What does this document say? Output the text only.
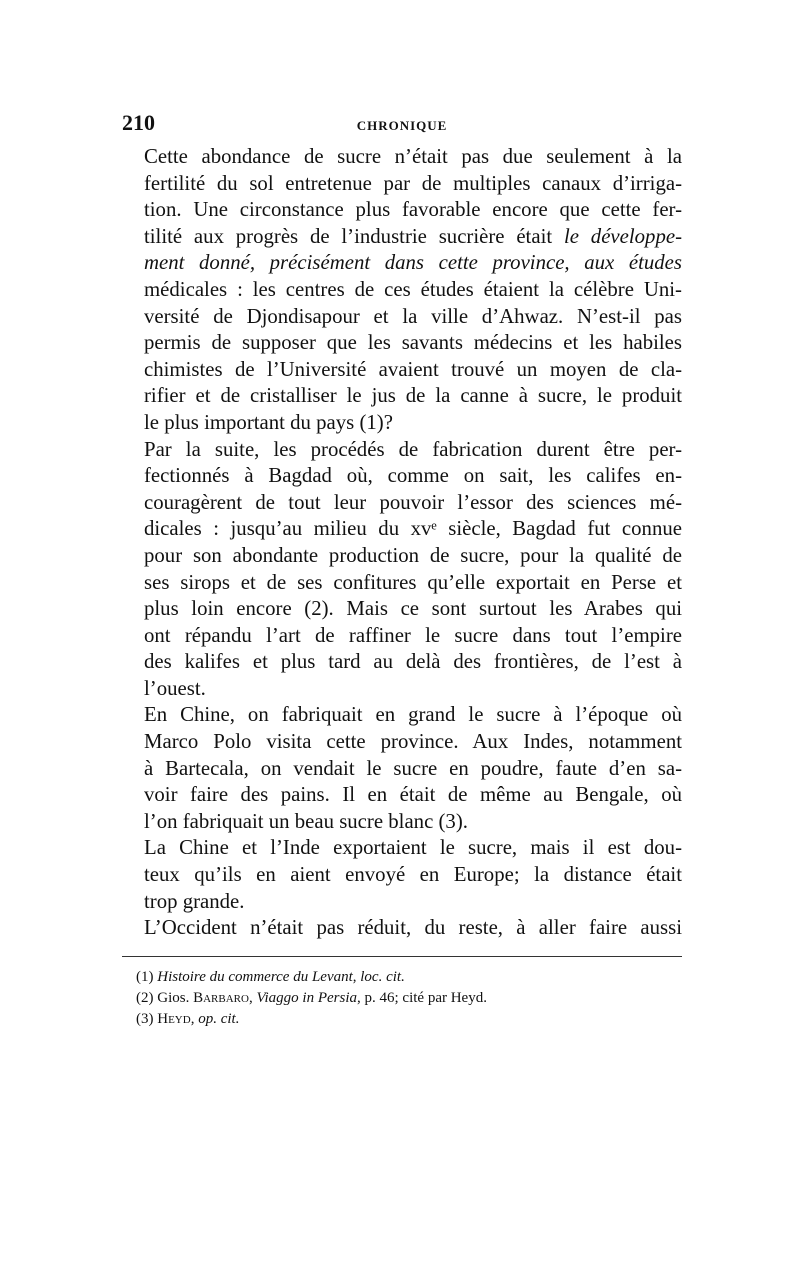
210	CHRONIQUE

Cette abondance de sucre n’était pas due seulement à la
fertilité du sol entretenue par de multiples canaux d’irriga-
tion. Une circonstance plus favorable encore que cette fer-
tilité aux progrès de l’industrie sucrière était le développe-
ment donné, précisément dans cette province, aux études
médicales : les centres de ces études étaient la célèbre Uni-
versité de Djondisapour et la ville d’Ahwaz. N’est-il pas
permis de supposer que les savants médecins et les habiles
chimistes de l’Université avaient trouvé un moyen de cla-
rifier et de cristalliser le jus de la canne à sucre, le produit
le plus important du pays (1)?

Par la suite, les procédés de fabrication durent être per-
fectionnés à Bagdad où, comme on sait, les califes en-
couragèrent de tout leur pouvoir l’essor des sciences mé-
dicales : jusqu’au milieu du xvᵉ siècle, Bagdad fut connue
pour son abondante production de sucre, pour la qualité de
ses sirops et de ses confitures qu’elle exportait en Perse et
plus loin encore (2). Mais ce sont surtout les Arabes qui
ont répandu l’art de raffiner le sucre dans tout l’empire
des kalifes et plus tard au delà des frontières, de l’est à
l’ouest.

En Chine, on fabriquait en grand le sucre à l’époque où
Marco Polo visita cette province. Aux Indes, notamment
à Bartecala, on vendait le sucre en poudre, faute d’en sa-
voir faire des pains. Il en était de même au Bengale, où
l’on fabriquait un beau sucre blanc (3).

La Chine et l’Inde exportaient le sucre, mais il est dou-
teux qu’ils en aient envoyé en Europe; la distance était
trop grande.

L’Occident n’était pas réduit, du reste, à aller faire aussi

(1) Histoire du commerce du Levant, loc. cit.
(2) Gios. Barbaro, Viaggo in Persia, p. 46; cité par Heyd.
(3) Heyd, op. cit.
